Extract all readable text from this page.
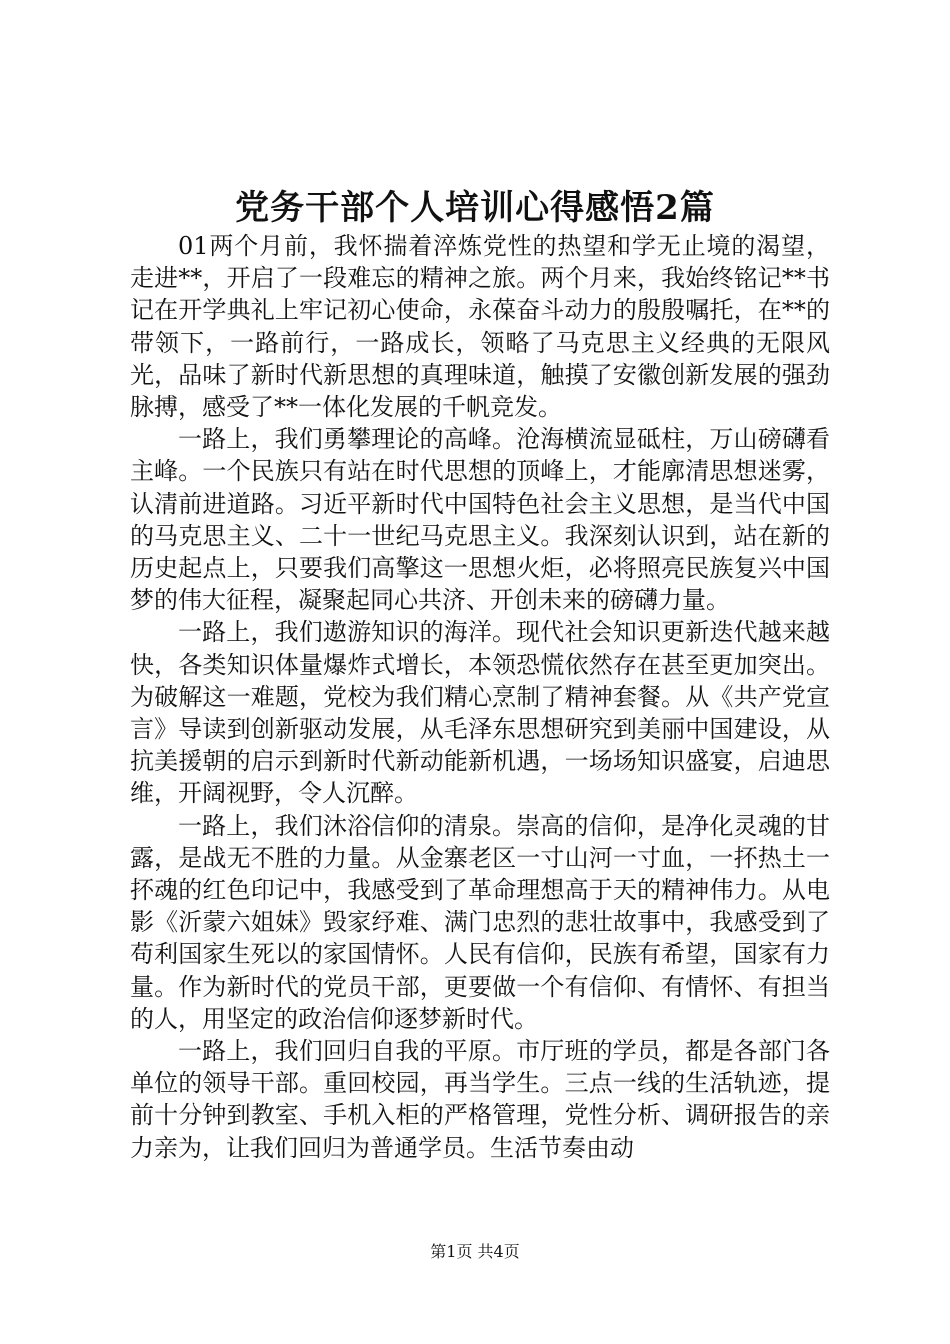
党务干部个人培训心得感悟2篇

01两个月前，我怀揣着淬炼党性的热望和学无止境的渴望，走进**，开启了一段难忘的精神之旅。两个月来，我始终铭记**书记在开学典礼上牢记初心使命，永葆奋斗动力的殷殷嘱托，在**的带领下，一路前行，一路成长，领略了马克思主义经典的无限风光，品味了新时代新思想的真理味道，触摸了安徽创新发展的强劲脉搏，感受了**一体化发展的千帆竞发。

一路上，我们勇攀理论的高峰。沧海横流显砥柱，万山磅礴看主峰。一个民族只有站在时代思想的顶峰上，才能廓清思想迷雾，认清前进道路。习近平新时代中国特色社会主义思想，是当代中国的马克思主义、二十一世纪马克思主义。我深刻认识到，站在新的历史起点上，只要我们高擎这一思想火炬，必将照亮民族复兴中国梦的伟大征程，凝聚起同心共济、开创未来的磅礴力量。

一路上，我们遨游知识的海洋。现代社会知识更新迭代越来越快，各类知识体量爆炸式增长，本领恐慌依然存在甚至更加突出。为破解这一难题，党校为我们精心烹制了精神套餐。从《共产党宣言》导读到创新驱动发展，从毛泽东思想研究到美丽中国建设，从抗美援朝的启示到新时代新动能新机遇，一场场知识盛宴，启迪思维，开阔视野，令人沉醉。

一路上，我们沐浴信仰的清泉。崇高的信仰，是净化灵魂的甘露，是战无不胜的力量。从金寨老区一寸山河一寸血，一抔热土一抔魂的红色印记中，我感受到了革命理想高于天的精神伟力。从电影《沂蒙六姐妹》毁家纾难、满门忠烈的悲壮故事中，我感受到了苟利国家生死以的家国情怀。人民有信仰，民族有希望，国家有力量。作为新时代的党员干部，更要做一个有信仰、有情怀、有担当的人，用坚定的政治信仰逐梦新时代。

一路上，我们回归自我的平原。市厅班的学员，都是各部门各单位的领导干部。重回校园，再当学生。三点一线的生活轨迹，提前十分钟到教室、手机入柜的严格管理，党性分析、调研报告的亲力亲为，让我们回归为普通学员。生活节奏由动

第1页 共4页
